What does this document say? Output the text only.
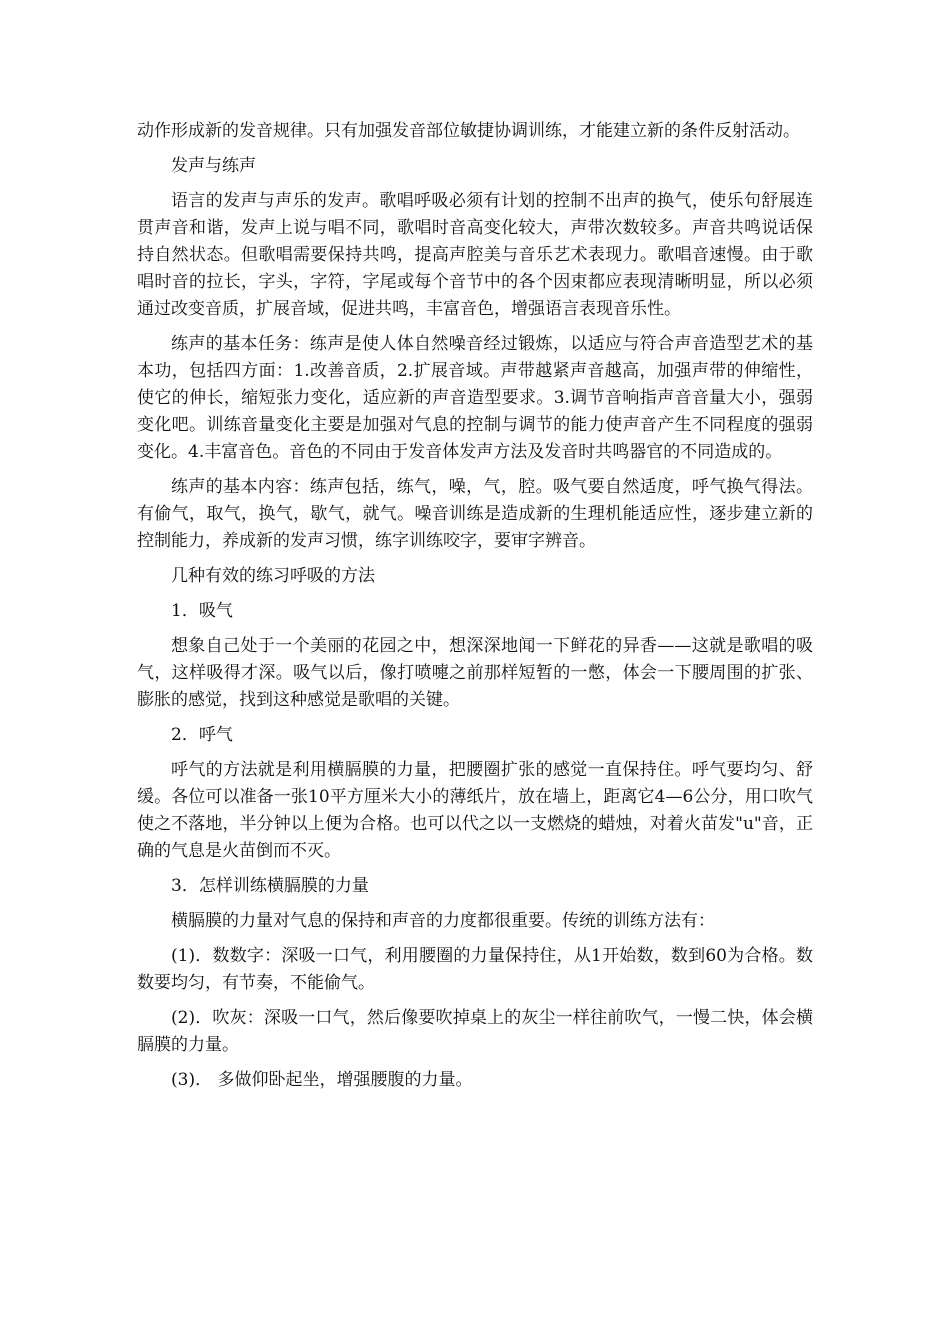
动作形成新的发音规律。只有加强发音部位敏捷协调训练，才能建立新的条件反射活动。

发声与练声

语言的发声与声乐的发声。歌唱呼吸必须有计划的控制不出声的换气，使乐句舒展连贯声音和谐，发声上说与唱不同，歌唱时音高变化较大，声带次数较多。声音共鸣说话保持自然状态。但歌唱需要保持共鸣，提高声腔美与音乐艺术表现力。歌唱音速慢。由于歌唱时音的拉长，字头，字符，字尾或每个音节中的各个因束都应表现清晰明显，所以必须通过改变音质，扩展音域，促进共鸣，丰富音色，增强语言表现音乐性。

练声的基本任务：练声是使人体自然噪音经过锻炼，以适应与符合声音造型艺术的基本功，包括四方面：1.改善音质，2.扩展音域。声带越紧声音越高，加强声带的伸缩性，使它的伸长，缩短张力变化，适应新的声音造型要求。3.调节音响指声音音量大小，强弱变化吧。训练音量变化主要是加强对气息的控制与调节的能力使声音产生不同程度的强弱变化。4.丰富音色。音色的不同由于发音体发声方法及发音时共鸣器官的不同造成的。

练声的基本内容：练声包括，练气，噪，气，腔。吸气要自然适度，呼气换气得法。有偷气，取气，换气，歇气，就气。噪音训练是造成新的生理机能适应性，逐步建立新的控制能力，养成新的发声习惯，练字训练咬字，要审字辨音。

几种有效的练习呼吸的方法

1．吸气

想象自己处于一个美丽的花园之中，想深深地闻一下鲜花的异香——这就是歌唱的吸气，这样吸得才深。吸气以后，像打喷嚏之前那样短暂的一憋，体会一下腰周围的扩张、膨胀的感觉，找到这种感觉是歌唱的关键。

2．呼气

呼气的方法就是利用横膈膜的力量，把腰圈扩张的感觉一直保持住。呼气要均匀、舒缓。各位可以准备一张10平方厘米大小的薄纸片，放在墙上，距离它4—6公分，用口吹气使之不落地，半分钟以上便为合格。也可以代之以一支燃烧的蜡烛，对着火苗发"u"音，正确的气息是火苗倒而不灭。

3．怎样训练横膈膜的力量

横膈膜的力量对气息的保持和声音的力度都很重要。传统的训练方法有：

(1)．数数字：深吸一口气，利用腰圈的力量保持住，从1开始数，数到60为合格。数数要均匀，有节奏，不能偷气。

(2)．吹灰：深吸一口气，然后像要吹掉桌上的灰尘一样往前吹气，一慢二快，体会横膈膜的力量。

(3)． 多做仰卧起坐，增强腰腹的力量。
